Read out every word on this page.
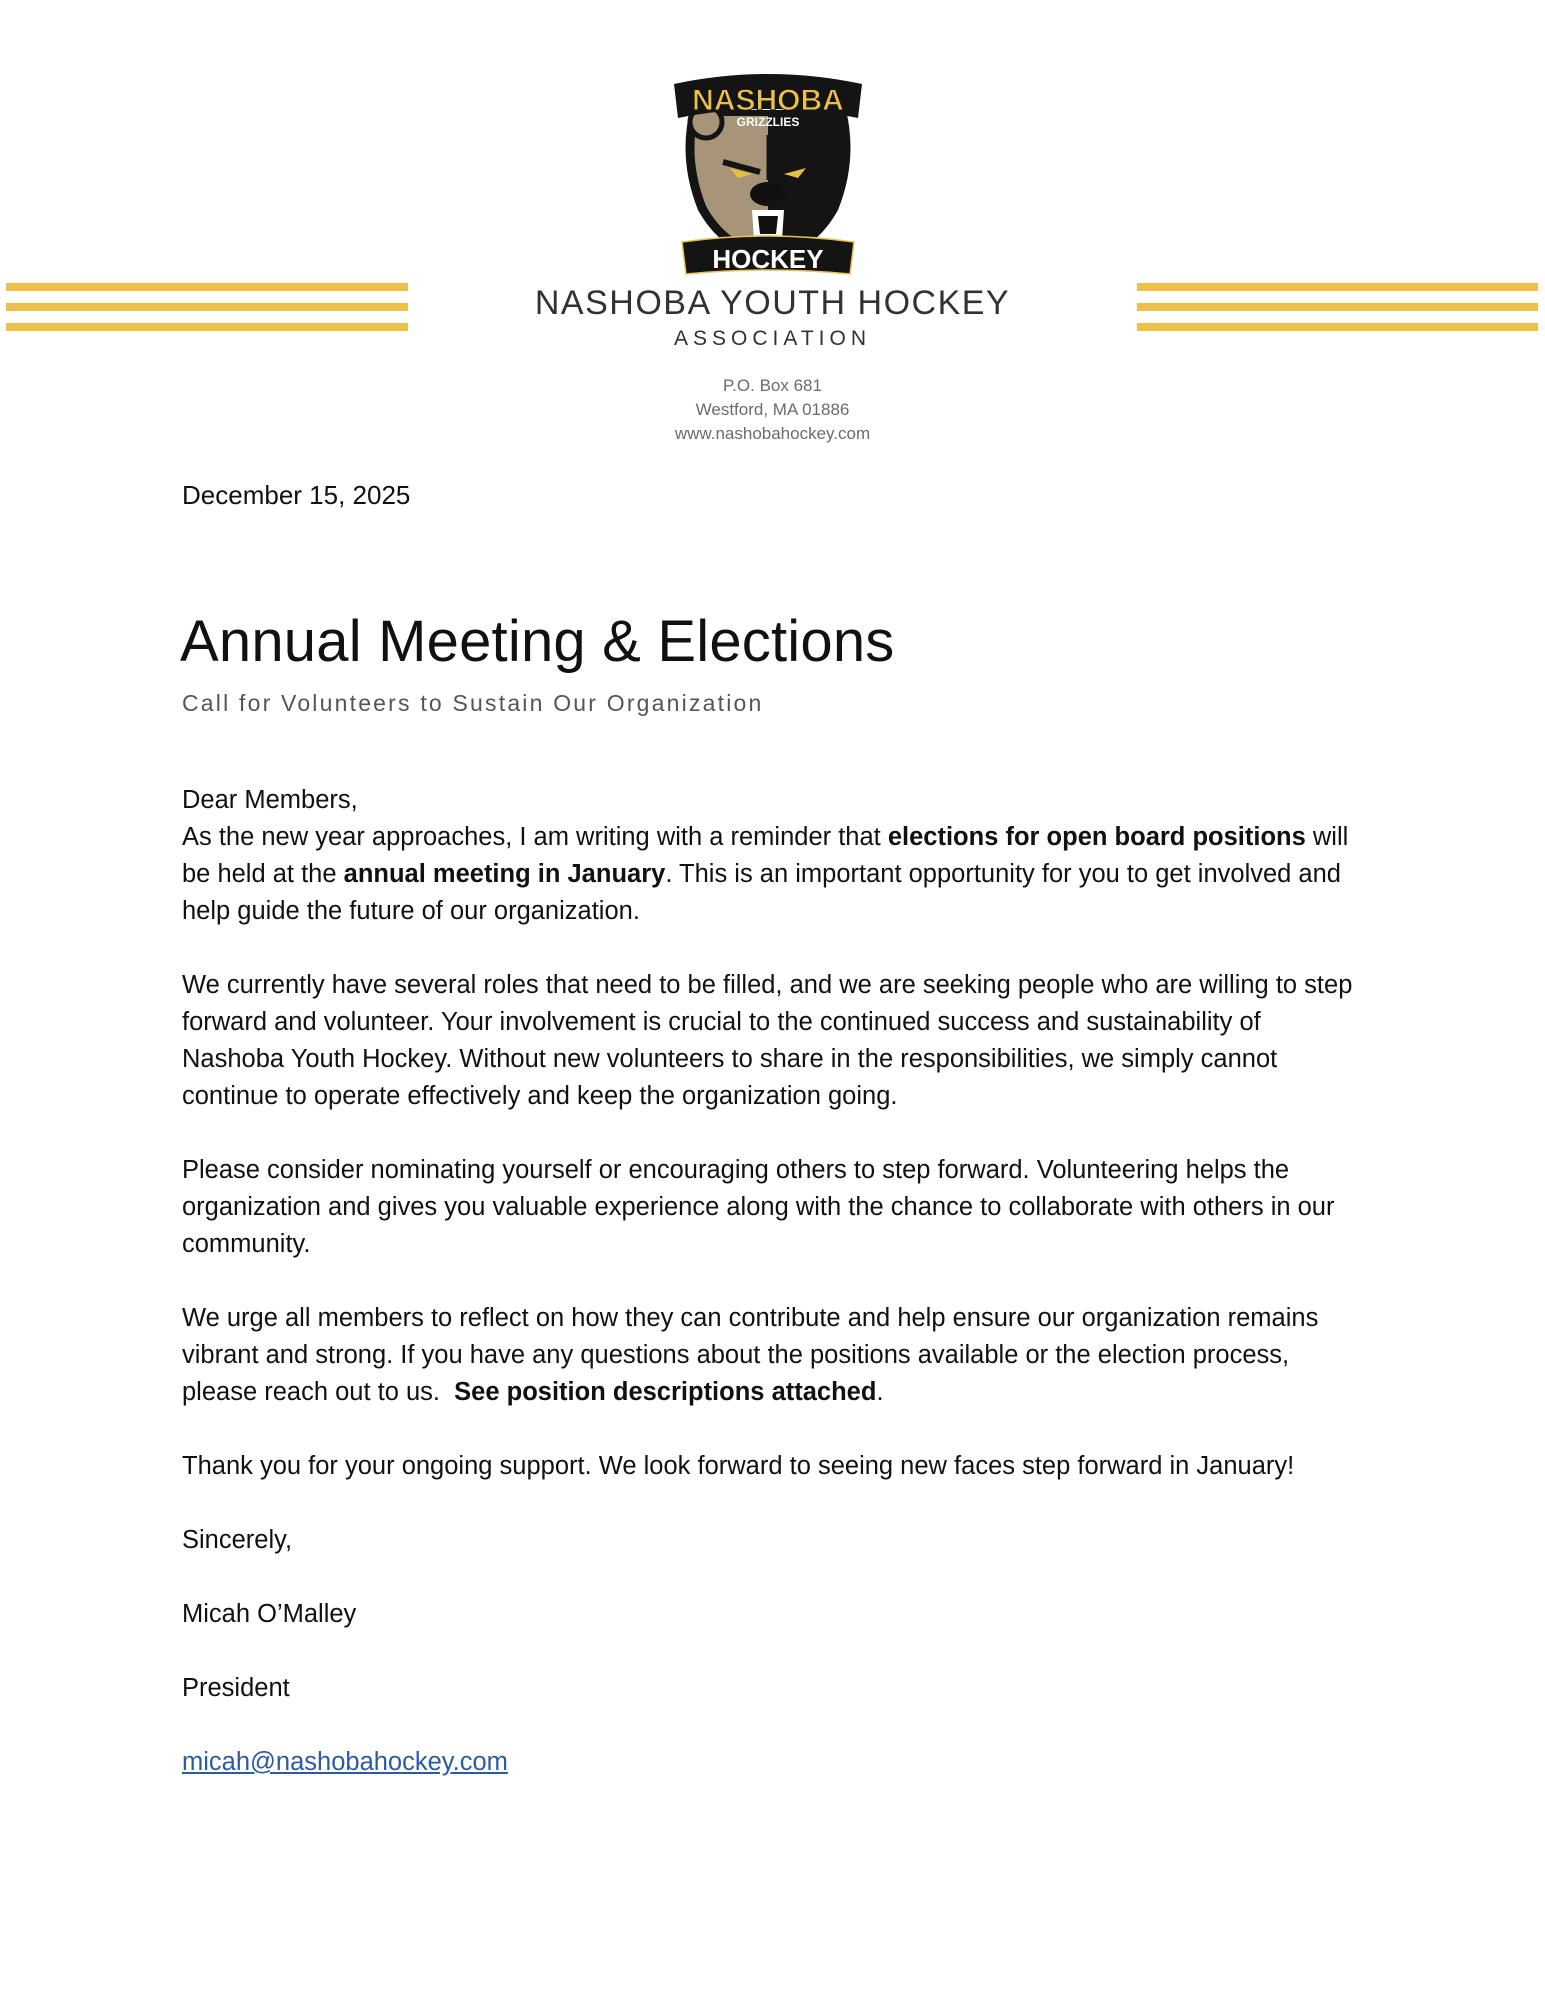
NASHOBA
GRIZZLIES
HOCKEY
NASHOBA YOUTH HOCKEY
ASSOCIATION
P.O. Box 681
Westford, MA 01886
www.nashobahockey.com
December 15, 2025
Annual Meeting & Elections
Call for Volunteers to Sustain Our Organization

Dear Members,

As the new year approaches, I am writing with a reminder that elections for open board positions will be held at the annual meeting in January. This is an important opportunity for you to get involved and help guide the future of our organization.

We currently have several roles that need to be filled, and we are seeking people who are willing to step forward and volunteer. Your involvement is crucial to the continued success and sustainability of Nashoba Youth Hockey. Without new volunteers to share in the responsibilities, we simply cannot continue to operate effectively and keep the organization going.

Please consider nominating yourself or encouraging others to step forward. Volunteering helps the organization and gives you valuable experience along with the chance to collaborate with others in our community.

We urge all members to reflect on how they can contribute and help ensure our organization remains vibrant and strong. If you have any questions about the positions available or the election process, please reach out to us.  See position descriptions attached.

Thank you for your ongoing support. We look forward to seeing new faces step forward in January!

Sincerely,

Micah O’Malley

President

micah@nashobahockey.com
